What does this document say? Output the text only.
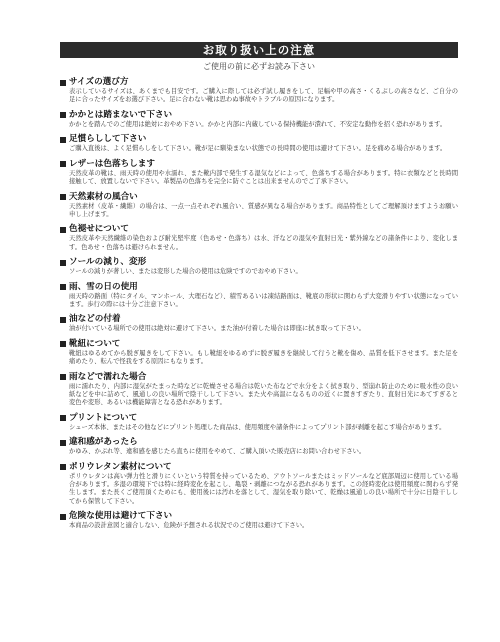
お取り扱い上の注意
ご使用の前に必ずお読み下さい
サイズの選び方
表示しているサイズは、あくまでも目安です。ご購入に際しては必ず試し履きをして、足幅や甲の高さ・くるぶしの高さなど、ご自分の足に合ったサイズをお選び下さい。足に合わない靴は思わぬ事故やトラブルの原因になります。
かかとは踏まないで下さい
かかとを踏んでのご使用は絶対におやめ下さい。かかと内部に内蔵している保持機能が潰れて、不安定な動作を招く恐れがあります。
足慣らしして下さい
ご購入直後は、よく足慣らしをして下さい。靴が足に馴染まない状態での長時間の使用は避けて下さい。足を痛める場合があります。
レザーは色落ちします
天然皮革の靴は、雨天時の使用や水濡れ、また靴内部で発生する湿気などによって、色落ちする場合があります。特に衣類などと長時間接触して、放置しないで下さい。革製品の色落ちを完全に防ぐことは出来ませんのでご了承下さい。
天然素材の風合い
天然素材（皮革・繊維）の場合は、一点一点それぞれ風合い、質感が異なる場合があります。商品特性としてご理解頂けますようお願い申し上げます。
色褪せについて
天然皮革や天然繊維の染色および耐光堅牢度（色あせ・色落ち）は水、汗などの湿気や直射日光・紫外線などの諸条件により、変化します。色あせ・色落ちは避けられません。
ソールの減り、変形
ソールの減りが著しい、または変形した場合の使用は危険ですのでおやめ下さい。
雨、雪の日の使用
雨天時の路面（特にタイル、マンホール、大理石など）、積雪あるいは凍結路面は、靴底の形状に関わらず大変滑りやすい状態になっています。歩行の際には十分ご注意下さい。
油などの付着
油が付いている場所での使用は絶対に避けて下さい。また油が付着した場合は即座に拭き取って下さい。
靴紐について
靴紐はゆるめてから脱ぎ履きをして下さい。もし靴紐をゆるめずに脱ぎ履きを継続して行うと靴を傷め、品質を低下させます。また足を痛めたり、転んで怪我をする原因にもなります。
雨などで濡れた場合
雨に濡れたり、内部に湿気がたまった時などに乾燥させる場合は乾いた布などで水分をよく拭き取り、型崩れ防止のために吸水性の良い紙などを中に詰めて、風通しの良い場所で陰干しして下さい。また火や高温になるものの近くに置きすぎたり、直射日光にあてすぎると変色や変形、あるいは機能障害となる恐れがあります。
プリントについて
シューズ本体、またはその他などにプリント処理した商品は、使用頻度や諸条件によってプリント部が剥離を起こす場合があります。
違和感があったら
かゆみ、かぶれ等、違和感を感じたら直ちに使用をやめて、ご購入頂いた販売店にお問い合わせ下さい。
ポリウレタン素材について
ポリウレタンは高い弾力性と滑りにくいという特質を持っているため、アウトソールまたはミッドソールなど底部周辺に使用している場合があります。多湿の環境下では特に経時変化を起こし、亀裂・剥離につながる恐れがあります。この経時変化は使用頻度に関わらず発生します。また長くご使用頂くためにも、使用後には汚れを落として、湿気を取り除いて、乾燥は風通しの良い場所で十分に日陰干ししてから保管して下さい。
危険な使用は避けて下さい
本商品の設計意図と適合しない、危険が予想される状況でのご使用は避けて下さい。
